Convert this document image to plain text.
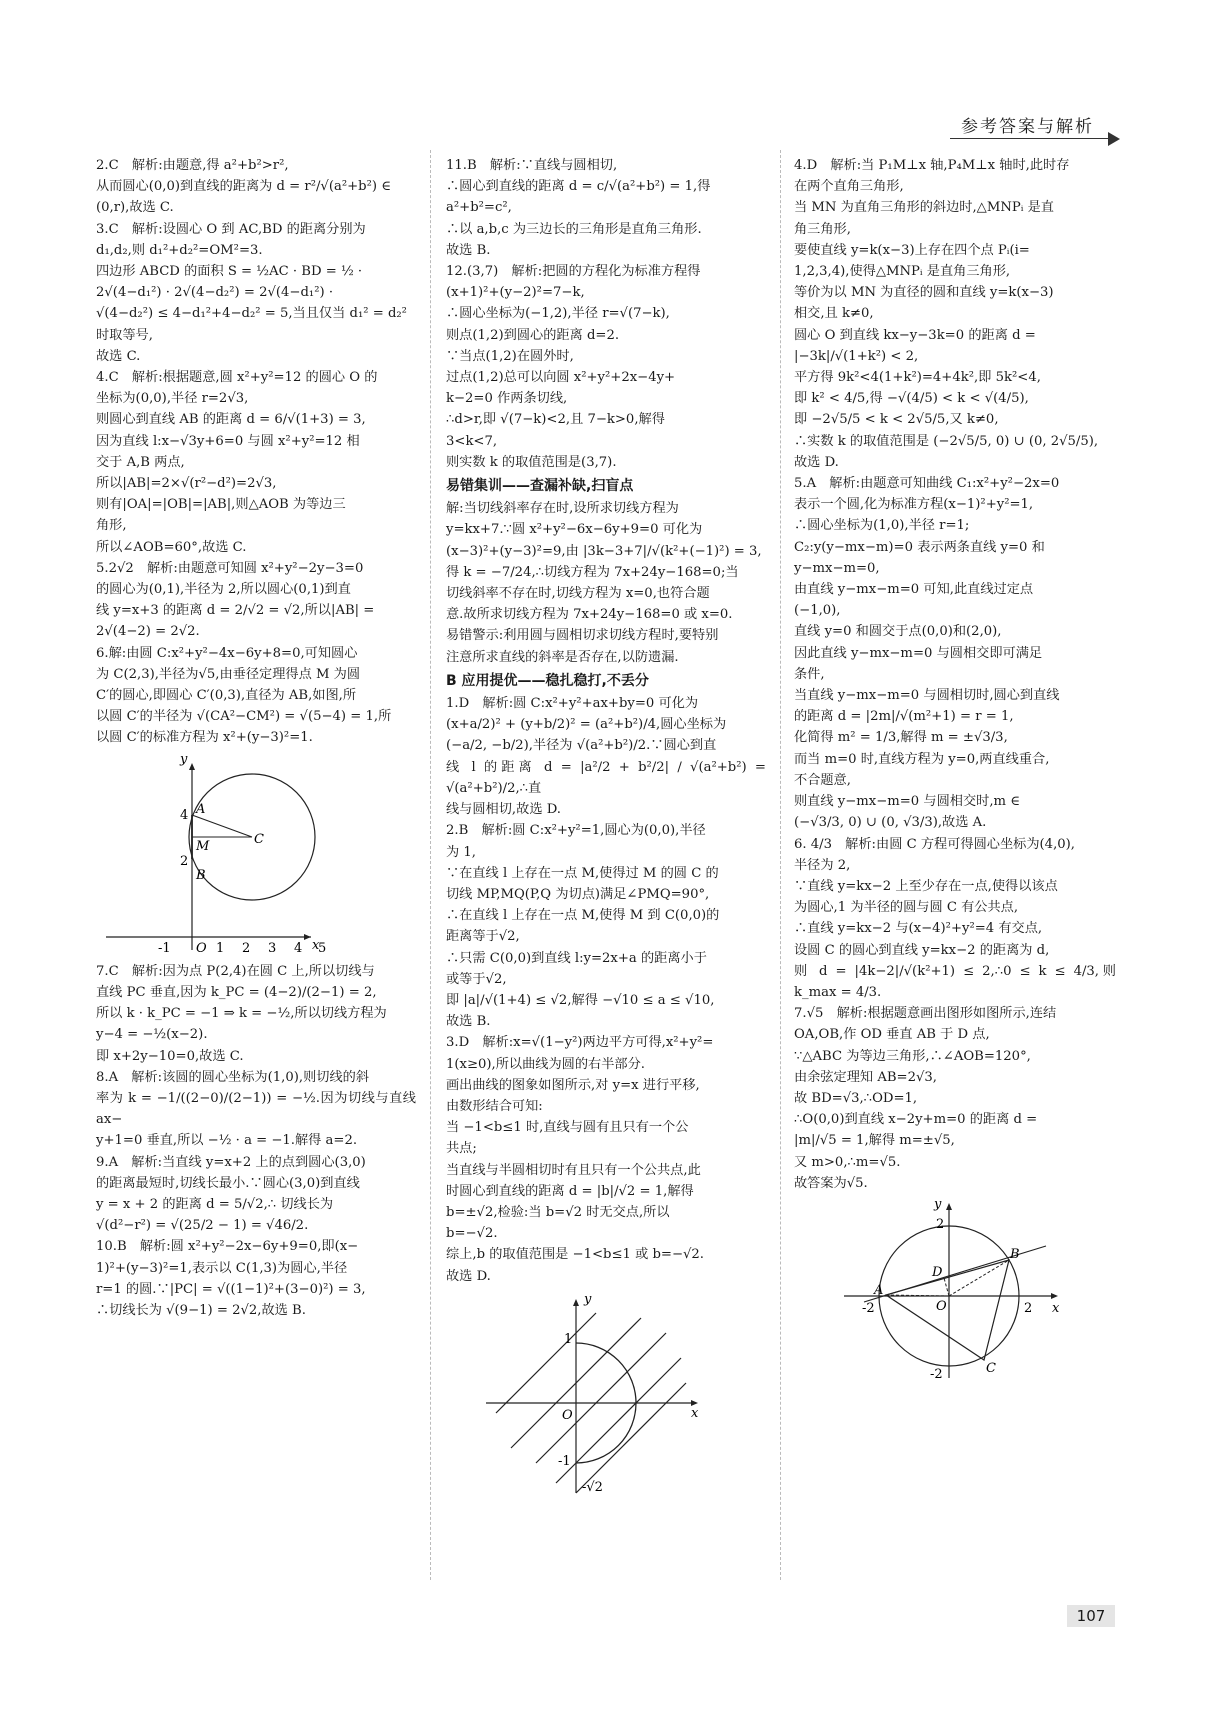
参考答案与解析

2.C　解析:由题意,得 a²+b²>r²,

从而圆心(0,0)到直线的距离为 d = r²/√(a²+b²) ∈

(0,r),故选 C.

3.C　解析:设圆心 O 到 AC,BD 的距离分别为

d₁,d₂,则 d₁²+d₂²=OM²=3.

四边形 ABCD 的面积 S = ½AC · BD = ½ ·

2√(4−d₁²) · 2√(4−d₂²) = 2√(4−d₁²) ·

√(4−d₂²) ≤ 4−d₁²+4−d₂² = 5,当且仅当 d₁² = d₂²

时取等号,

故选 C.

4.C　解析:根据题意,圆 x²+y²=12 的圆心 O 的

坐标为(0,0),半径 r=2√3,

则圆心到直线 AB 的距离 d = 6/√(1+3) = 3,

因为直线 l:x−√3y+6=0 与圆 x²+y²=12 相

交于 A,B 两点,

所以|AB|=2×√(r²−d²)=2√3,

则有|OA|=|OB|=|AB|,则△AOB 为等边三

角形,

所以∠AOB=60°,故选 C.

5.2√2　解析:由题意可知圆 x²+y²−2y−3=0

的圆心为(0,1),半径为 2,所以圆心(0,1)到直

线 y=x+3 的距离 d = 2/√2 = √2,所以|AB| =

2√(4−2) = 2√2.

6.解:由圆 C:x²+y²−4x−6y+8=0,可知圆心

为 C(2,3),半径为√5,由垂径定理得点 M 为圆

C′的圆心,即圆心 C′(0,3),直径为 AB,如图,所

以圆 C′的半径为 √(CA²−CM²) = √(5−4) = 1,所

以圆 C′的标准方程为 x²+(y−3)²=1.

y
x
A
M	C
B
O
4
2
-1	1 2 3 4 5

7.C　解析:因为点 P(2,4)在圆 C 上,所以切线与

直线 PC 垂直,因为 k_PC = (4−2)/(2−1) = 2,

所以 k · k_PC = −1 ⇒ k = −½,所以切线方程为

y−4 = −½(x−2).

即 x+2y−10=0,故选 C.

8.A　解析:该圆的圆心坐标为(1,0),则切线的斜

率为 k = −1/((2−0)/(2−1)) = −½.因为切线与直线 ax−

y+1=0 垂直,所以 −½ · a = −1.解得 a=2.

9.A　解析:当直线 y=x+2 上的点到圆心(3,0)

的距离最短时,切线长最小.∵圆心(3,0)到直线

y = x + 2 的距离 d = 5/√2,∴ 切线长为

√(d²−r²) = √(25/2 − 1) = √46/2.

10.B　解析:圆 x²+y²−2x−6y+9=0,即(x−

1)²+(y−3)²=1,表示以 C(1,3)为圆心,半径

r=1 的圆.∵|PC| = √((1−1)²+(3−0)²) = 3,

∴切线长为 √(9−1) = 2√2,故选 B.

11.B　解析:∵直线与圆相切,

∴圆心到直线的距离 d = c/√(a²+b²) = 1,得

a²+b²=c²,

∴以 a,b,c 为三边长的三角形是直角三角形.

故选 B.

12.(3,7)　解析:把圆的方程化为标准方程得

(x+1)²+(y−2)²=7−k,

∴圆心坐标为(−1,2),半径 r=√(7−k),

则点(1,2)到圆心的距离 d=2.

∵当点(1,2)在圆外时,

过点(1,2)总可以向圆 x²+y²+2x−4y+

k−2=0 作两条切线,

∴d>r,即 √(7−k)<2,且 7−k>0,解得

3<k<7,

则实数 k 的取值范围是(3,7).

易错集训——查漏补缺,扫盲点

解:当切线斜率存在时,设所求切线方程为

y=kx+7.∵圆 x²+y²−6x−6y+9=0 可化为

(x−3)²+(y−3)²=9,由 |3k−3+7|/√(k²+(−1)²) = 3,

得 k = −7/24,∴切线方程为 7x+24y−168=0;当

切线斜率不存在时,切线方程为 x=0,也符合题

意.故所求切线方程为 7x+24y−168=0 或 x=0.

易错警示:利用圆与圆相切求切线方程时,要特别

注意所求直线的斜率是否存在,以防遗漏.

B 应用提优——稳扎稳打,不丢分

1.D　解析:圆 C:x²+y²+ax+by=0 可化为

(x+a/2)² + (y+b/2)² = (a²+b²)/4,圆心坐标为

(−a/2, −b/2),半径为 √(a²+b²)/2.∵圆心到直

线 l 的距离 d = |a²/2 + b²/2| / √(a²+b²) = √(a²+b²)/2,∴直

线与圆相切,故选 D.

2.B　解析:圆 C:x²+y²=1,圆心为(0,0),半径

为 1,

∵在直线 l 上存在一点 M,使得过 M 的圆 C 的

切线 MP,MQ(P,Q 为切点)满足∠PMQ=90°,

∴在直线 l 上存在一点 M,使得 M 到 C(0,0)的

距离等于√2,

∴只需 C(0,0)到直线 l:y=2x+a 的距离小于

或等于√2,

即 |a|/√(1+4) ≤ √2,解得 −√10 ≤ a ≤ √10,

故选 B.

3.D　解析:x=√(1−y²)两边平方可得,x²+y²=

1(x≥0),所以曲线为圆的右半部分.

画出曲线的图象如图所示,对 y=x 进行平移,

由数形结合可知:

当 −1<b≤1 时,直线与圆有且只有一个公

共点;

当直线与半圆相切时有且只有一个公共点,此

时圆心到直线的距离 d = |b|/√2 = 1,解得

b=±√2,检验:当 b=√2 时无交点,所以

b=−√2.

综上,b 的取值范围是 −1<b≤1 或 b=−√2.

故选 D.

y
x
O
1
-1
-√2

4.D　解析:当 P₁M⊥x 轴,P₄M⊥x 轴时,此时存

在两个直角三角形,

当 MN 为直角三角形的斜边时,△MNPᵢ 是直

角三角形,

要使直线 y=k(x−3)上存在四个点 Pᵢ(i=

1,2,3,4),使得△MNPᵢ 是直角三角形,

等价为以 MN 为直径的圆和直线 y=k(x−3)

相交,且 k≠0,

圆心 O 到直线 kx−y−3k=0 的距离 d =

|−3k|/√(1+k²) < 2,

平方得 9k²<4(1+k²)=4+4k²,即 5k²<4,

即 k² < 4/5,得 −√(4/5) < k < √(4/5),

即 −2√5/5 < k < 2√5/5,又 k≠0,

∴实数 k 的取值范围是 (−2√5/5, 0) ∪ (0, 2√5/5),

故选 D.

5.A　解析:由题意可知曲线 C₁:x²+y²−2x=0

表示一个圆,化为标准方程(x−1)²+y²=1,

∴圆心坐标为(1,0),半径 r=1;

C₂:y(y−mx−m)=0 表示两条直线 y=0 和

y−mx−m=0,

由直线 y−mx−m=0 可知,此直线过定点

(−1,0),

直线 y=0 和圆交于点(0,0)和(2,0),

因此直线 y−mx−m=0 与圆相交即可满足

条件,

当直线 y−mx−m=0 与圆相切时,圆心到直线

的距离 d = |2m|/√(m²+1) = r = 1,

化简得 m² = 1/3,解得 m = ±√3/3,

而当 m=0 时,直线方程为 y=0,两直线重合,

不合题意,

则直线 y−mx−m=0 与圆相交时,m ∈

(−√3/3, 0) ∪ (0, √3/3),故选 A.

6. 4/3　解析:由圆 C 方程可得圆心坐标为(4,0),

半径为 2,

∵直线 y=kx−2 上至少存在一点,使得以该点

为圆心,1 为半径的圆与圆 C 有公共点,

∴直线 y=kx−2 与(x−4)²+y²=4 有交点,

设圆 C 的圆心到直线 y=kx−2 的距离为 d,

则 d = |4k−2|/√(k²+1) ≤ 2,∴0 ≤ k ≤ 4/3,则 k_max = 4/3.

7.√5　解析:根据题意画出图形如图所示,连结

OA,OB,作 OD 垂直 AB 于 D 点,

∵△ABC 为等边三角形,∴∠AOB=120°,

由余弦定理知 AB=2√3,

故 BD=√3,∴OD=1,

∴O(0,0)到直线 x−2y+m=0 的距离 d =

|m|/√5 = 1,解得 m=±√5,

又 m>0,∴m=√5.

故答案为√5.

y
x
O
A
B
C
D
2
-2
2
-2
107
